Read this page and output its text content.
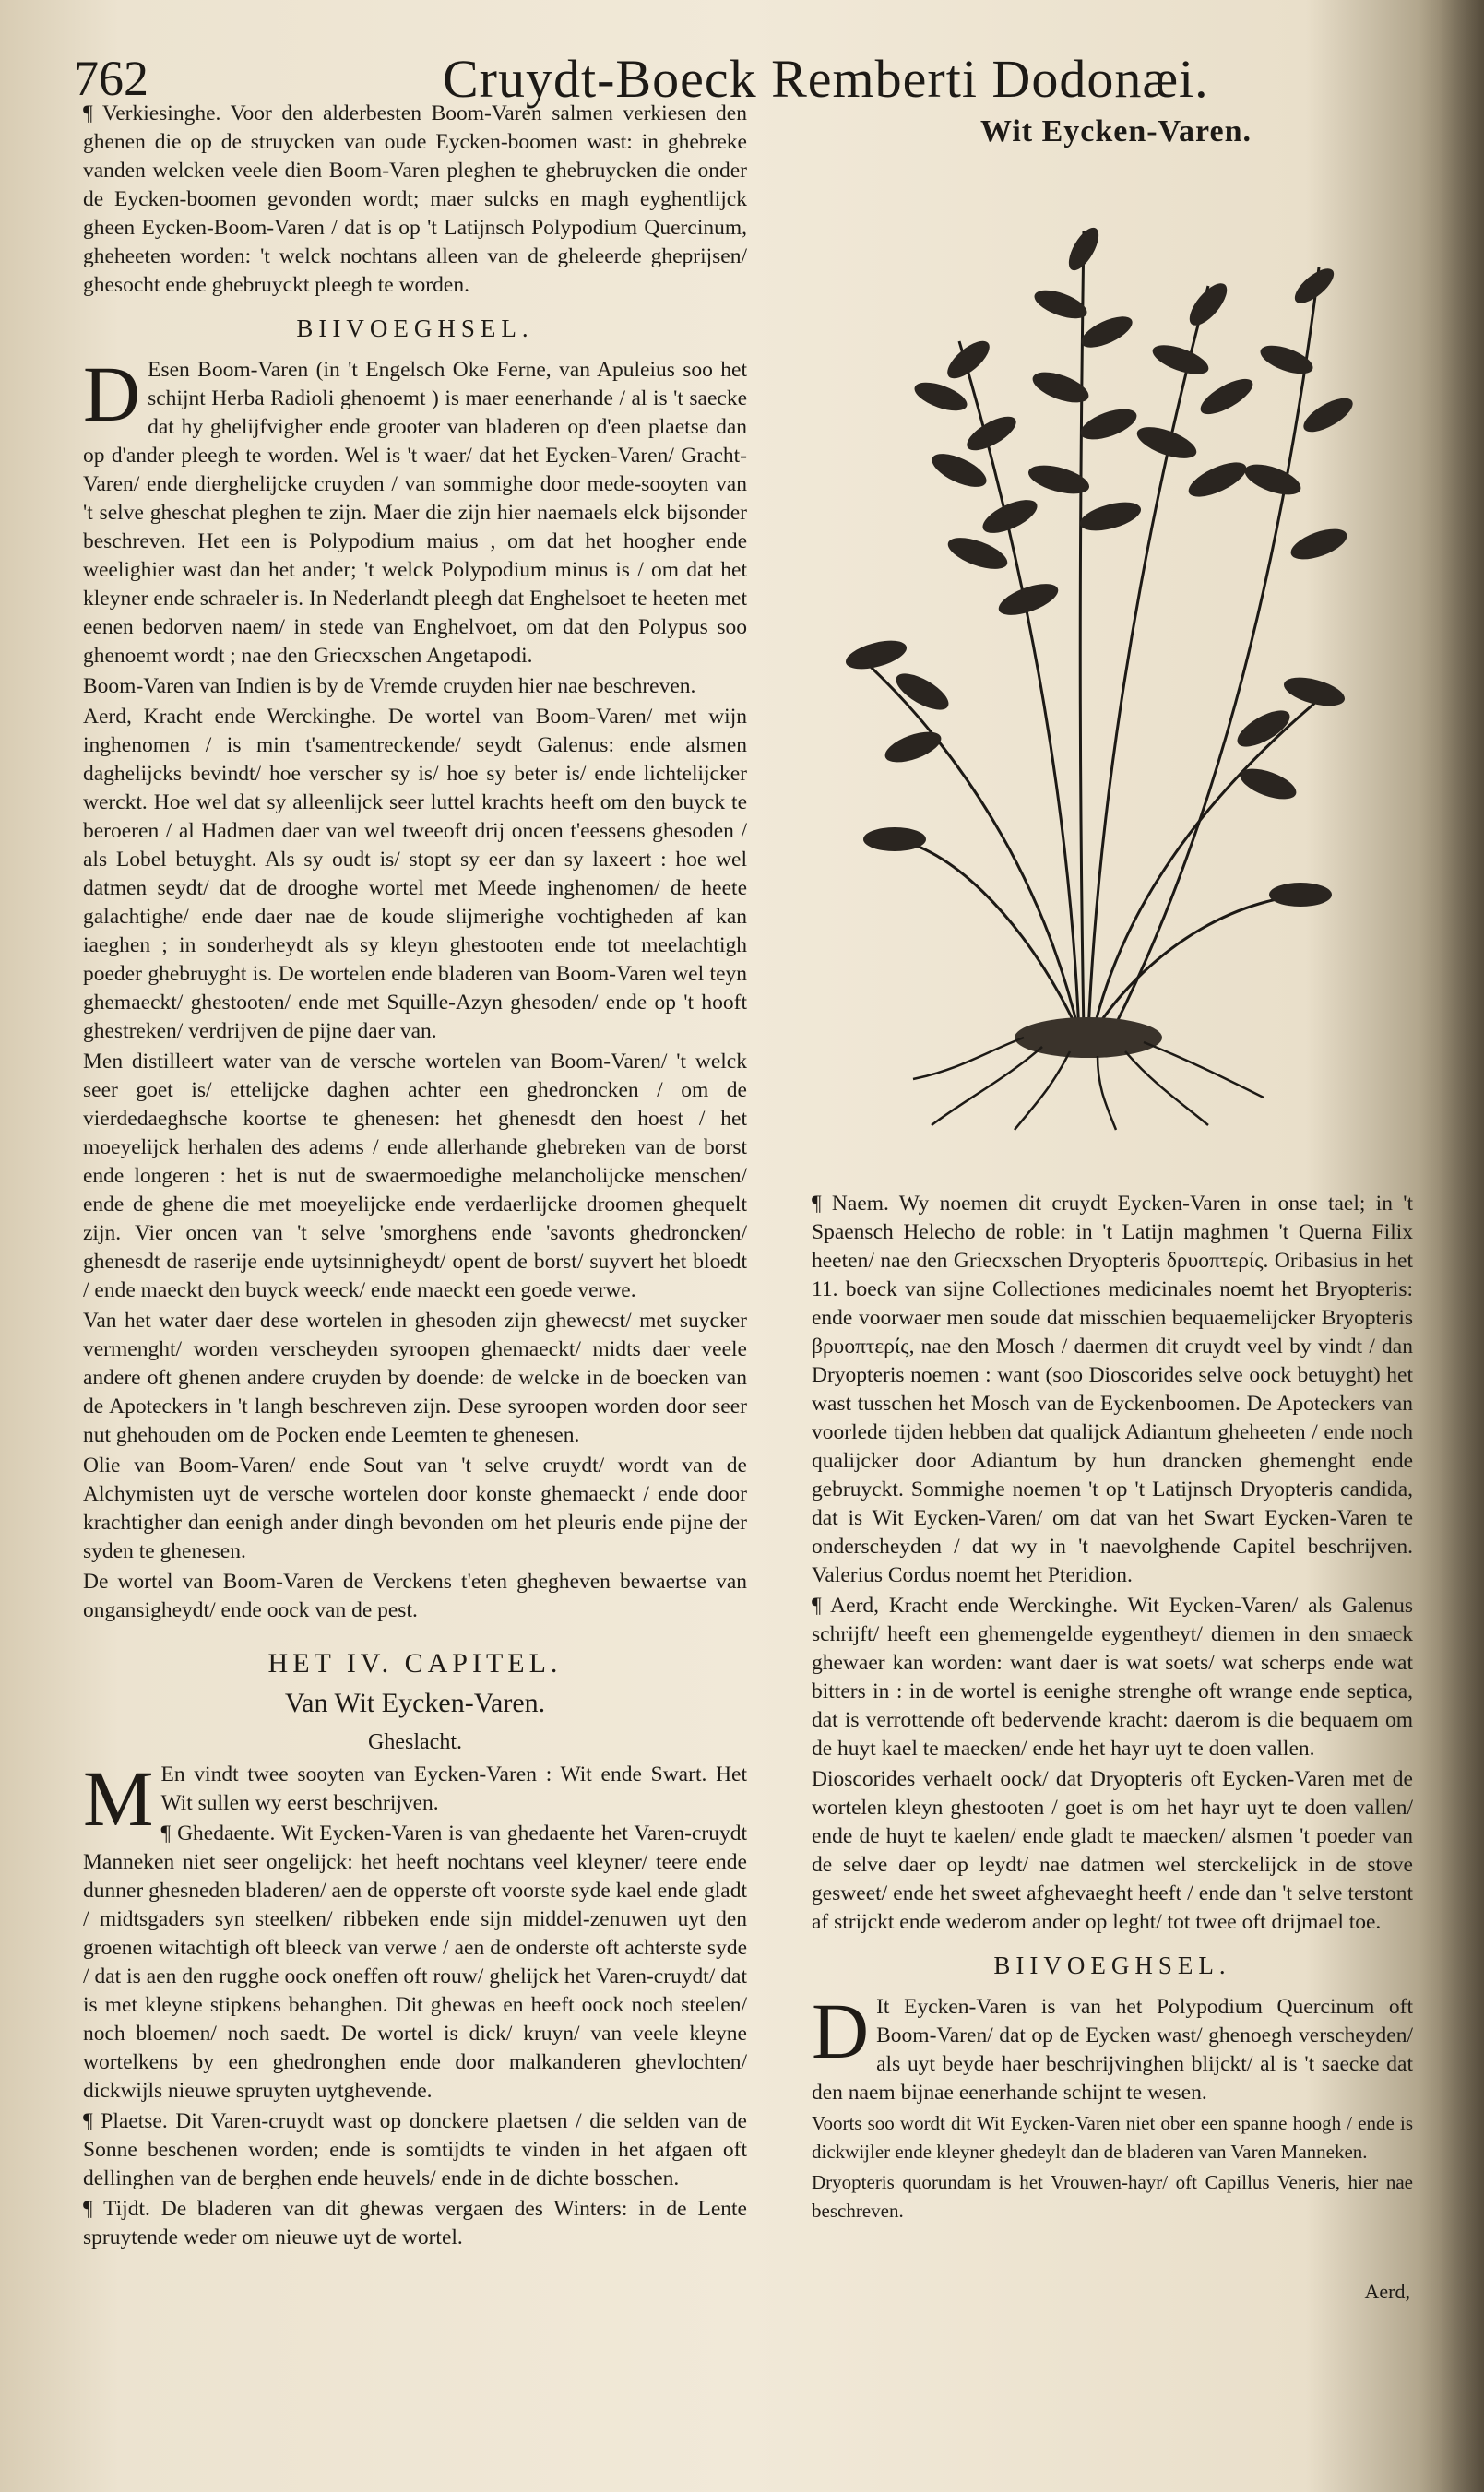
762	Cruydt-Boeck Remberti Dodonæi.

¶ Verkiesinghe. Voor den alderbesten Boom-Varen salmen verkiesen den ghenen die op de struycken van oude Eycken-boomen wast: in ghebreke vanden welcken veele dien Boom-Varen pleghen te ghebruycken die onder de Eycken-boomen gevonden wordt; maer sulcks en magh eyghentlijck gheen Eycken-Boom-Varen / dat is op 't Latijnsch Polypodium Quercinum, gheheeten worden: 't welck nochtans alleen van de gheleerde gheprijsen/ ghesocht ende ghebruyckt pleegh te worden.

BIIVOEGHSEL.

D Esen Boom-Varen (in 't Engelsch Oke Ferne, van Apuleius soo het schijnt Herba Radioli ghenoemt ) is maer eenerhande / al is 't saecke dat hy ghelijfvigher ende grooter van bladeren op d'een plaetse dan op d'ander pleegh te worden. Wel is 't waer/ dat het Eycken-Varen/ Gracht-Varen/ ende dierghelijcke cruyden / van sommighe door mede-sooyten van 't selve gheschat pleghen te zijn. Maer die zijn hier naemaels elck bijsonder beschreven. Het een is Polypodium maius , om dat het hoogher ende weelighier wast dan het ander; 't welck Polypodium minus is / om dat het kleyner ende schraeler is. In Nederlandt pleegh dat Enghelsoet te heeten met eenen bedorven naem/ in stede van Enghelvoet, om dat den Polypus soo ghenoemt wordt ; nae den Griecxschen Angetapodi.

Boom-Varen van Indien is by de Vremde cruyden hier nae beschreven.

Aerd, Kracht ende Werckinghe. De wortel van Boom-Varen/ met wijn inghenomen / is min t'samentreckende/ seydt Galenus: ende alsmen daghelijcks bevindt/ hoe verscher sy is/ hoe sy beter is/ ende lichtelijcker werckt. Hoe wel dat sy alleenlijck seer luttel krachts heeft om den buyck te beroeren / al Hadmen daer van wel tweeoft drij oncen t'eessens ghesoden / als Lobel betuyght. Als sy oudt is/ stopt sy eer dan sy laxeert : hoe wel datmen seydt/ dat de drooghe wortel met Meede inghenomen/ de heete galachtighe/ ende daer nae de koude slijmerighe vochtigheden af kan iaeghen ; in sonderheydt als sy kleyn ghestooten ende tot meelachtigh poeder ghebruyght is. De wortelen ende bladeren van Boom-Varen wel teyn ghemaeckt/ ghestooten/ ende met Squille-Azyn ghesoden/ ende op 't hooft ghestreken/ verdrijven de pijne daer van.

Men distilleert water van de versche wortelen van Boom-Varen/ 't welck seer goet is/ ettelijcke daghen achter een ghedroncken / om de vierdedaeghsche koortse te ghenesen: het ghenesdt den hoest / het moeyelijck herhalen des adems / ende allerhande ghebreken van de borst ende longeren : het is nut de swaermoedighe melancholijcke menschen/ ende de ghene die met moeyelijcke ende verdaerlijcke droomen ghequelt zijn. Vier oncen van 't selve 'smorghens ende 'savonts ghedroncken/ ghenesdt de raserije ende uytsinnigheydt/ opent de borst/ suyvert het bloedt / ende maeckt den buyck weeck/ ende maeckt een goede verwe.

Van het water daer dese wortelen in ghesoden zijn ghewecst/ met suycker vermenght/ worden verscheyden syroopen ghemaeckt/ midts daer veele andere oft ghenen andere cruyden by doende: de welcke in de boecken van de Apoteckers in 't langh beschreven zijn. Dese syroopen worden door seer nut ghehouden om de Pocken ende Leemten te ghenesen.

Olie van Boom-Varen/ ende Sout van 't selve cruydt/ wordt van de Alchymisten uyt de versche wortelen door konste ghemaeckt / ende door krachtigher dan eenigh ander dingh bevonden om het pleuris ende pijne der syden te ghenesen.

De wortel van Boom-Varen de Verckens t'eten ghegheven bewaertse van ongansigheydt/ ende oock van de pest.

HET IV. CAPITEL.
Van Wit Eycken-Varen.
Gheslacht.

M En vindt twee sooyten van Eycken-Varen : Wit ende Swart. Het Wit sullen wy eerst beschrijven.

¶ Ghedaente. Wit Eycken-Varen is van ghedaente het Varen-cruydt Manneken niet seer ongelijck: het heeft nochtans veel kleyner/ teere ende dunner ghesneden bladeren/ aen de opperste oft voorste syde kael ende gladt / midtsgaders syn steelken/ ribbeken ende sijn middel-zenuwen uyt den groenen witachtigh oft bleeck van verwe / aen de onderste oft achterste syde / dat is aen den rugghe oock oneffen oft rouw/ ghelijck het Varen-cruydt/ dat is met kleyne stipkens behanghen. Dit ghewas en heeft oock noch steelen/ noch bloemen/ noch saedt. De wortel is dick/ kruyn/ van veele kleyne wortelkens by een ghedronghen ende door malkanderen ghevlochten/ dickwijls nieuwe spruyten uytghevende.

¶ Plaetse. Dit Varen-cruydt wast op donckere plaetsen / die selden van de Sonne beschenen worden; ende is somtijdts te vinden in het afgaen oft dellinghen van de berghen ende heuvels/ ende in de dichte bosschen.

¶ Tijdt. De bladeren van dit ghewas vergaen des Winters: in de Lente spruytende weder om nieuwe uyt de wortel.

Wit Eycken-Varen.

¶ Naem. Wy noemen dit cruydt Eycken-Varen in onse tael; in 't Spaensch Helecho de roble: in 't Latijn maghmen 't Querna Filix heeten/ nae den Griecxschen Dryopteris δρυοπτερίς. Oribasius in het 11. boeck van sijne Collectiones medicinales noemt het Bryopteris: ende voorwaer men soude dat misschien bequaemelijcker Bryopteris βρυοπτερίς, nae den Mosch / daermen dit cruydt veel by vindt / dan Dryopteris noemen : want (soo Dioscorides selve oock betuyght) het wast tusschen het Mosch van de Eyckenboomen. De Apoteckers van voorlede tijden hebben dat qualijck Adiantum gheheeten / ende noch qualijcker door Adiantum by hun drancken ghemenght ende gebruyckt. Sommighe noemen 't op 't Latijnsch Dryopteris candida, dat is Wit Eycken-Varen/ om dat van het Swart Eycken-Varen te onderscheyden / dat wy in 't naevolghende Capitel beschrijven. Valerius Cordus noemt het Pteridion.

¶ Aerd, Kracht ende Werckinghe. Wit Eycken-Varen/ als Galenus schrijft/ heeft een ghemengelde eygentheyt/ diemen in den smaeck ghewaer kan worden: want daer is wat soets/ wat scherps ende wat bitters in : in de wortel is eenighe strenghe oft wrange ende septica, dat is verrottende oft bedervende kracht: daerom is die bequaem om de huyt kael te maecken/ ende het hayr uyt te doen vallen.

Dioscorides verhaelt oock/ dat Dryopteris oft Eycken-Varen met de wortelen kleyn ghestooten / goet is om het hayr uyt te doen vallen/ ende de huyt te kaelen/ ende gladt te maecken/ alsmen 't poeder van de selve daer op leydt/ nae datmen wel sterckelijck in de stove gesweet/ ende het sweet afghevaeght heeft / ende dan 't selve terstont af strijckt ende wederom ander op leght/ tot twee oft drijmael toe.

BIIVOEGHSEL.

D It Eycken-Varen is van het Polypodium Quercinum oft Boom-Varen/ dat op de Eycken wast/ ghenoegh verscheyden/ als uyt beyde haer beschrijvinghen blijckt/ al is 't saecke dat den naem bijnae eenerhande schijnt te wesen.

Voorts soo wordt dit Wit Eycken-Varen niet ober een spanne hoogh / ende is dickwijler ende kleyner ghedeylt dan de bladeren van Varen Manneken.

Dryopteris quorundam is het Vrouwen-hayr/ oft Capillus Veneris, hier nae beschreven.

Aerd,
